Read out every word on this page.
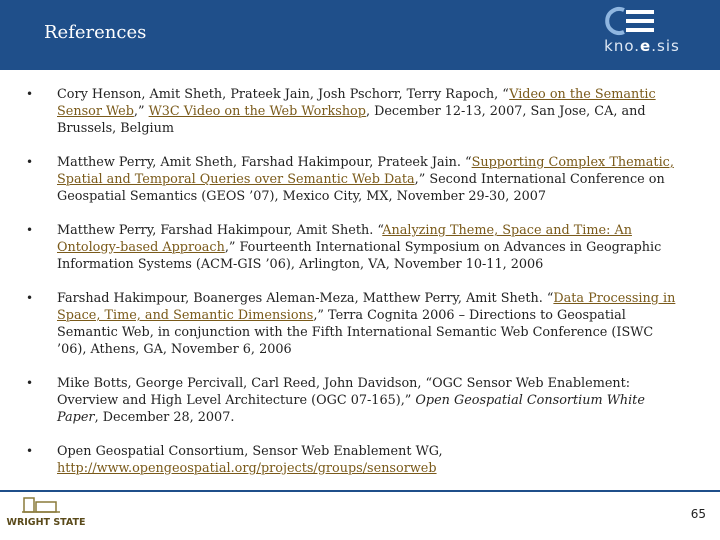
References
kno.e.sis
• Cory Henson, Amit Sheth, Prateek Jain, Josh Pschorr, Terry Rapoch, “Video on the Semantic Sensor Web,” W3C Video on the Web Workshop, December 12-13, 2007, San Jose, CA, and Brussels, Belgium
• Matthew Perry, Amit Sheth, Farshad Hakimpour, Prateek Jain. “Supporting Complex Thematic, Spatial and Temporal Queries over Semantic Web Data,” Second International Conference on Geospatial Semantics (GEOS ’07), Mexico City, MX, November 29-30, 2007
• Matthew Perry, Farshad Hakimpour, Amit Sheth. “Analyzing Theme, Space and Time: An Ontology-based Approach,” Fourteenth International Symposium on Advances in Geographic Information Systems (ACM-GIS ’06), Arlington, VA, November 10-11, 2006
• Farshad Hakimpour, Boanerges Aleman-Meza, Matthew Perry, Amit Sheth. “Data Processing in Space, Time, and Semantic Dimensions,” Terra Cognita 2006 – Directions to Geospatial Semantic Web, in conjunction with the Fifth International Semantic Web Conference (ISWC ’06), Athens, GA, November 6, 2006
• Mike Botts, George Percivall, Carl Reed, John Davidson, “OGC Sensor Web Enablement: Overview and High Level Architecture (OGC 07-165),” Open Geospatial Consortium White Paper, December 28, 2007.
• Open Geospatial Consortium, Sensor Web Enablement WG, http://www.opengeospatial.org/projects/groups/sensorweb
WRIGHT STATE
65
